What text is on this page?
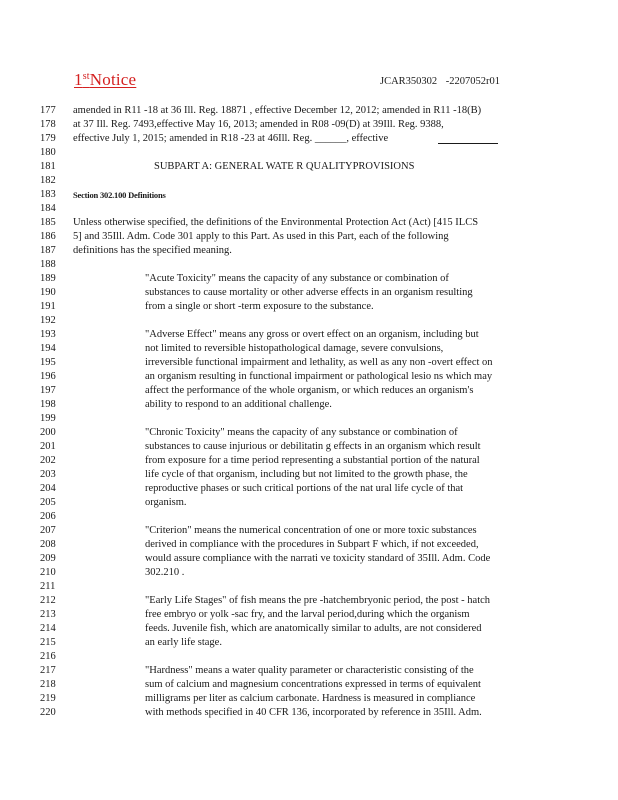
1stNotice	JCAR350302 -2207052r01
177	amended in R11 -18 at 36 Ill. Reg. 18871 , effective December 12, 2012; amended in R11 -18(B)
178	at 37 Ill. Reg. 7493,effective May 16, 2013; amended in R08 -09(D) at 39Ill. Reg. 9388,
179	effective July 1, 2015; amended in R18 -23 at 46Ill. Reg. ______, effective
180
181	SUBPART A: GENERAL WATE R QUALITYPROVISIONS
182
183	Section 302.100 Definitions
184
185	Unless otherwise specified, the definitions of the Environmental Protection Act (Act) [415 ILCS
186	5] and 35Ill. Adm. Code 301 apply to this Part. As used in this Part, each of the following
187	definitions has the specified meaning.
188
189	"Acute Toxicity" means the capacity of any substance or combination of
190	substances to cause mortality or other adverse effects in an organism resulting
191	from a single or short -term exposure to the substance.
192
193	"Adverse Effect" means any gross or overt effect on an organism, including but
194	not limited to reversible histopathological damage, severe convulsions,
195	irreversible functional impairment and lethality, as well as any non -overt effect on
196	an organism resulting in functional impairment or pathological lesio ns which may
197	affect the performance of the whole organism, or which reduces an organism's
198	ability to respond to an additional challenge.
199
200	"Chronic Toxicity" means the capacity of any substance or combination of
201	substances to cause injurious or debilitatin g effects in an organism which result
202	from exposure for a time period representing a substantial portion of the natural
203	life cycle of that organism, including but not limited to the growth phase, the
204	reproductive phases or such critical portions of the nat ural life cycle of that
205	organism.
206
207	"Criterion" means the numerical concentration of one or more toxic substances
208	derived in compliance with the procedures in Subpart F which, if not exceeded,
209	would assure compliance with the narrati ve toxicity standard of 35Ill. Adm. Code
210	302.210 .
211
212	"Early Life Stages" of fish means the pre -hatchembryonic period, the post - hatch
213	free embryo or yolk -sac fry, and the larval period,during which the organism
214	feeds. Juvenile fish, which are anatomically similar to adults, are not considered
215	an early life stage.
216
217	"Hardness" means a water quality parameter or characteristic consisting of the
218	sum of calcium and magnesium concentrations expressed in terms of equivalent
219	milligrams per liter as calcium carbonate. Hardness is measured in compliance
220	with methods specified in 40 CFR 136, incorporated by reference in 35Ill. Adm.
